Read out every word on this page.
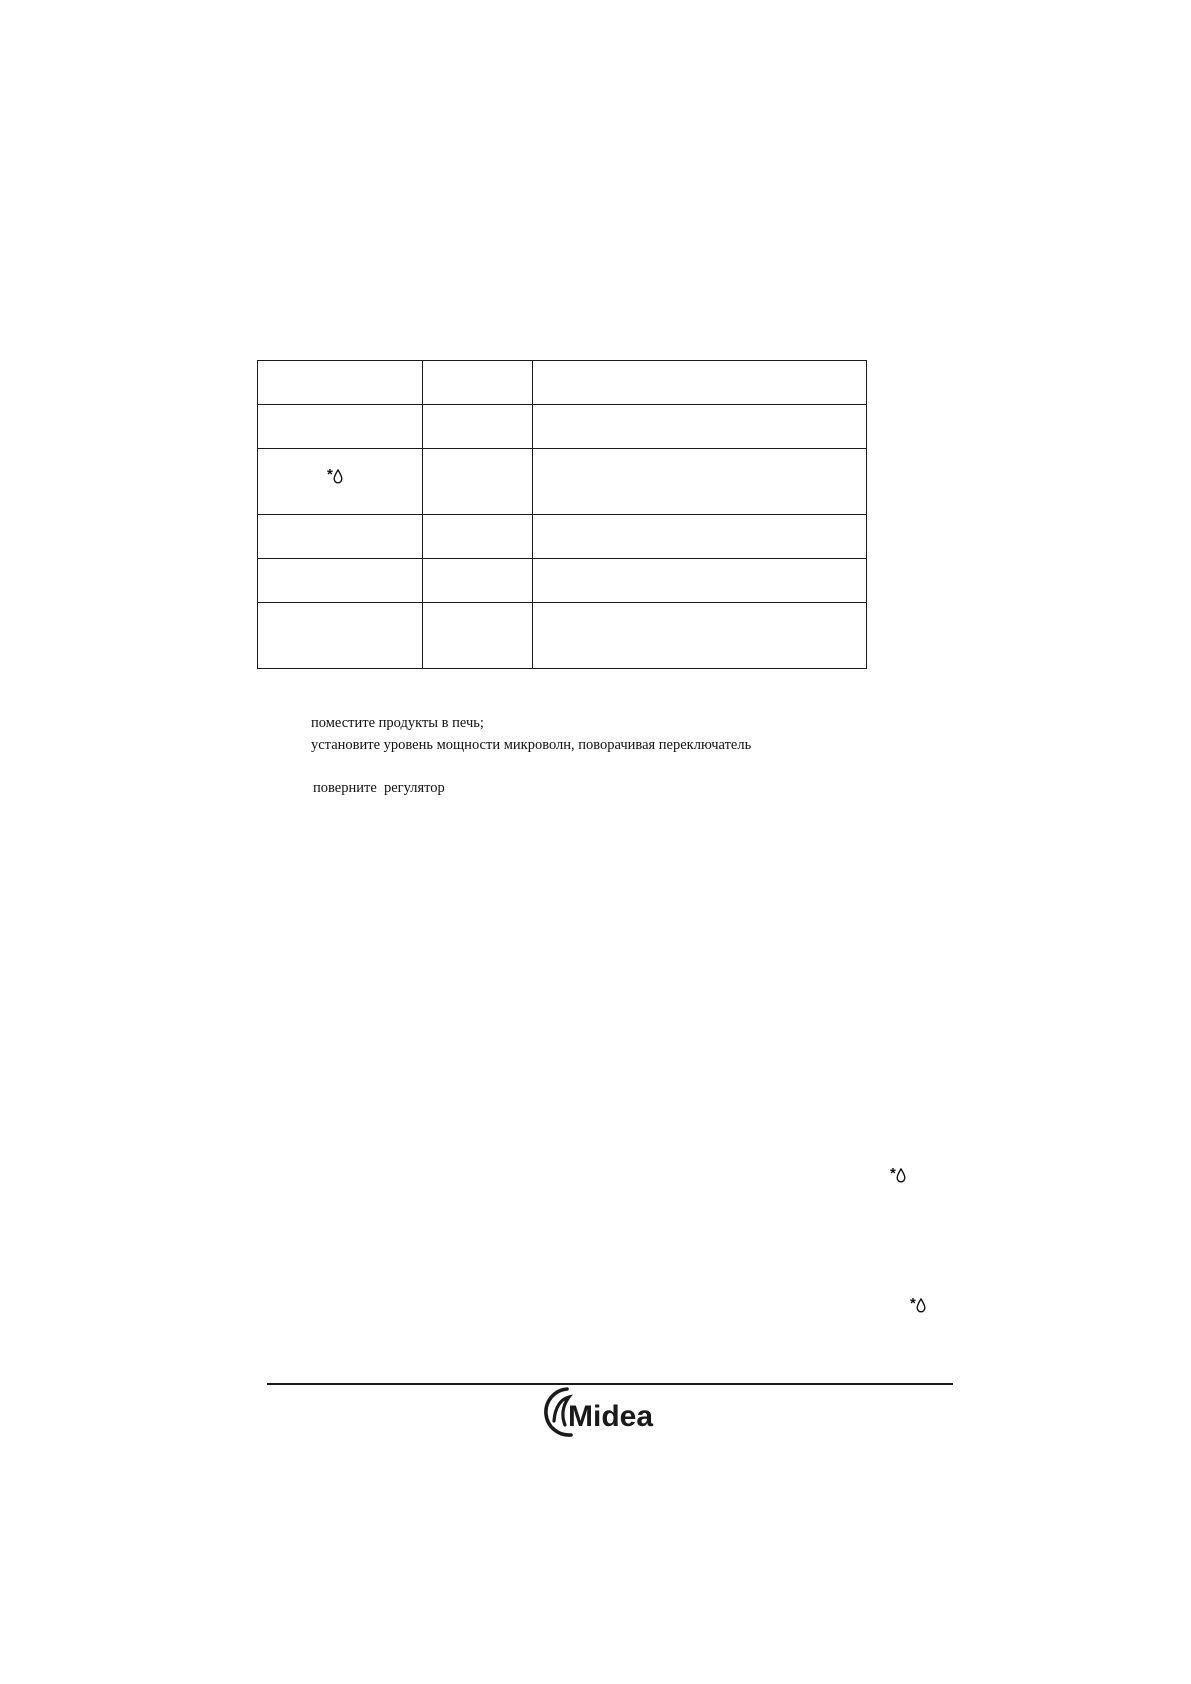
*		

поместите продукты в печь;
установите уровень мощности микроволн, поворачивая переключатель
поверните  регулятор
*
*
Midea
